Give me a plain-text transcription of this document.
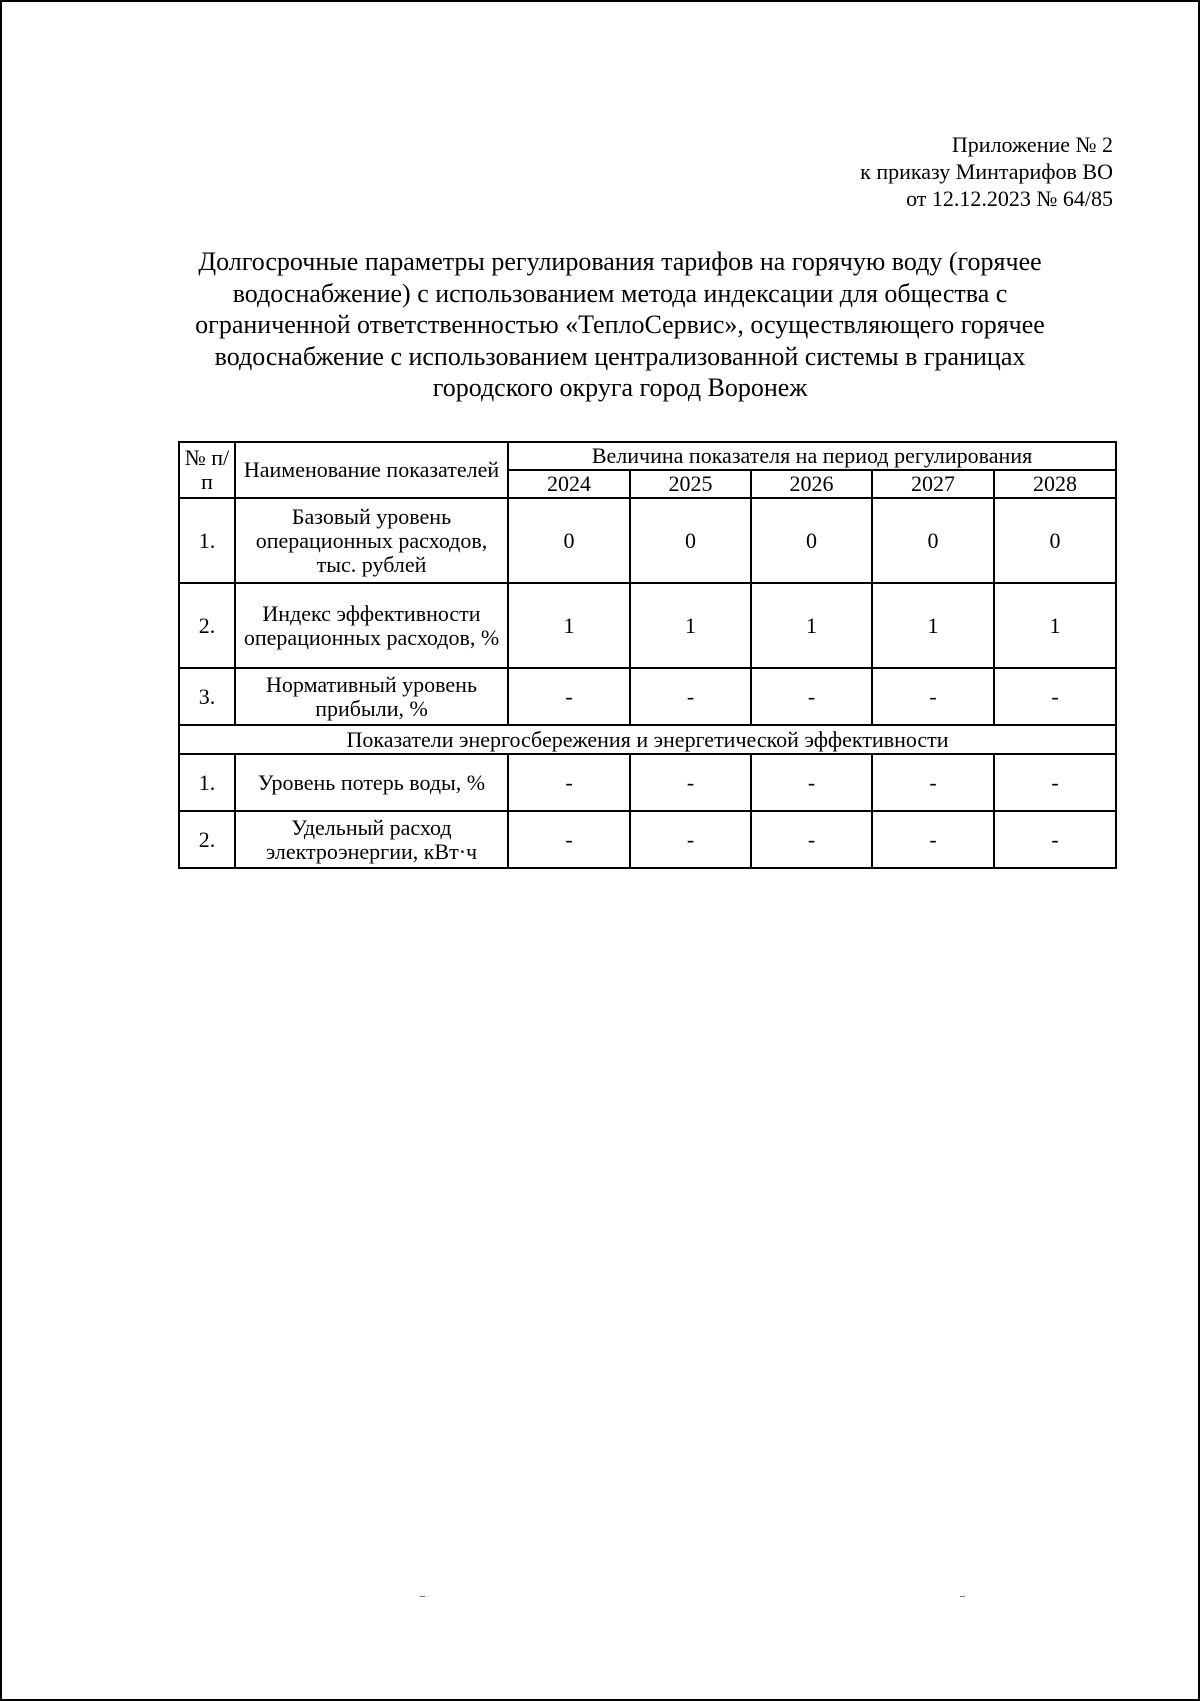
Приложение № 2
к приказу Минтарифов ВО
от 12.12.2023 № 64/85
Долгосрочные параметры регулирования тарифов на горячую воду (горячее
водоснабжение) с использованием метода индексации для общества с
ограниченной ответственностью «ТеплоСервис», осуществляющего горячее
водоснабжение с использованием централизованной системы в границах
городского округа город Воронеж
№ п/п	Наименование показателей	Величина показателя на период регулирования				
		2024	2025	2026	2027	2028
1.	Базовый уровень операционных расходов, тыс. рублей	0	0	0	0	0
2.	Индекс эффективности операционных расходов, %	1	1	1	1	1
3.	Нормативный уровень прибыли, %	-	-	-	-	-
Показатели энергосбережения и энергетической эффективности						
1.	Уровень потерь воды, %	-	-	-	-	-
2.	Удельный расход электроэнергии, кВт·ч	-	-	-	-	-
